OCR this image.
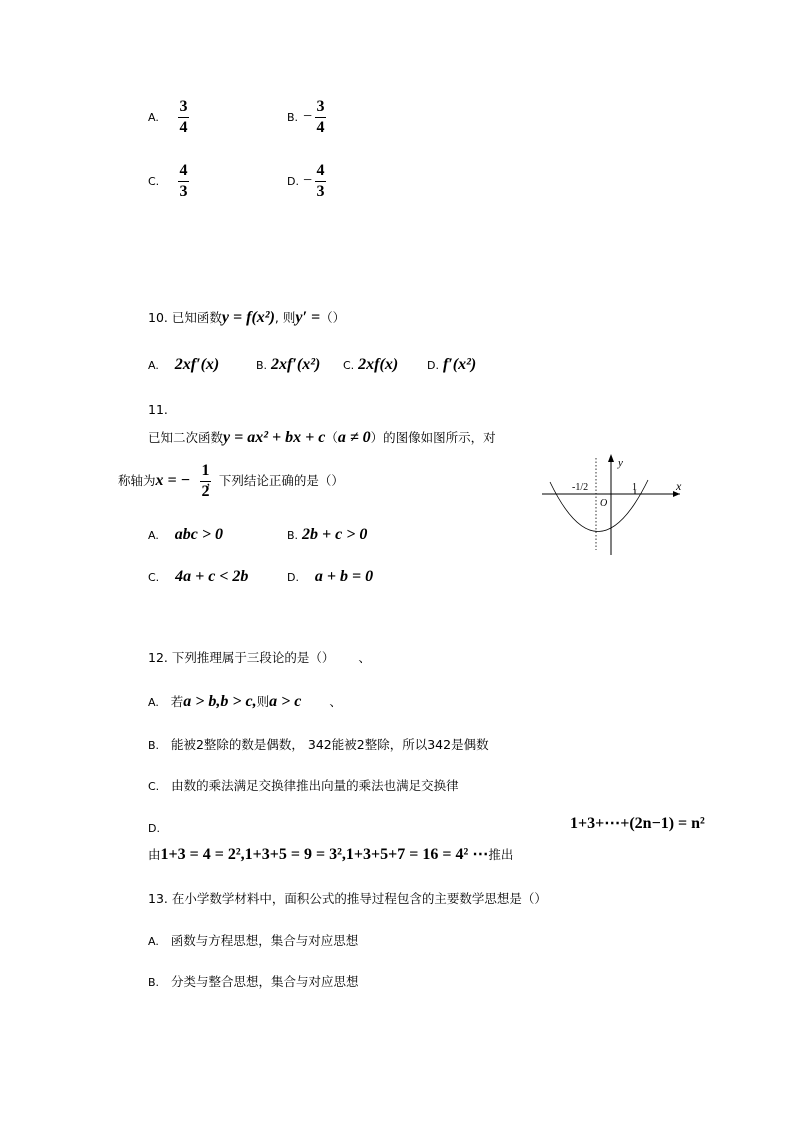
A.
3
4
B. −
3
4
C.
4
3
D. −
4
3
10. 已知函数y = f(x²), 则y′ =（）
A. 2xf′(x)	B. 2xf′(x²) C. 2xf(x)	D. f′(x²)
11.
已知二次函数y = ax² + bx + c（a ≠ 0）的图像如图所示，对
称轴为x = − ，下列结论正确的是（）
1
2
y
x
O
-1/2	1
A. abc > 0	B. 2b + c > 0
C. 4a + c < 2b	D. a + b = 0
12. 下列推理属于三段论的是（） 、
A. 若a > b,b > c,则a > c 、
B. 能被2整除的数是偶数， 342能被2整除，所以342是偶数
C. 由数的乘法满足交换律推出向量的乘法也满足交换律
D.	1+3+⋯+(2n−1) = n²
由1+3 = 4 = 2²,1+3+5 = 9 = 3²,1+3+5+7 = 16 = 4² ⋯推出
13. 在小学数学材料中，面积公式的推导过程包含的主要数学思想是（）
A. 函数与方程思想，集合与对应思想
B. 分类与整合思想，集合与对应思想
